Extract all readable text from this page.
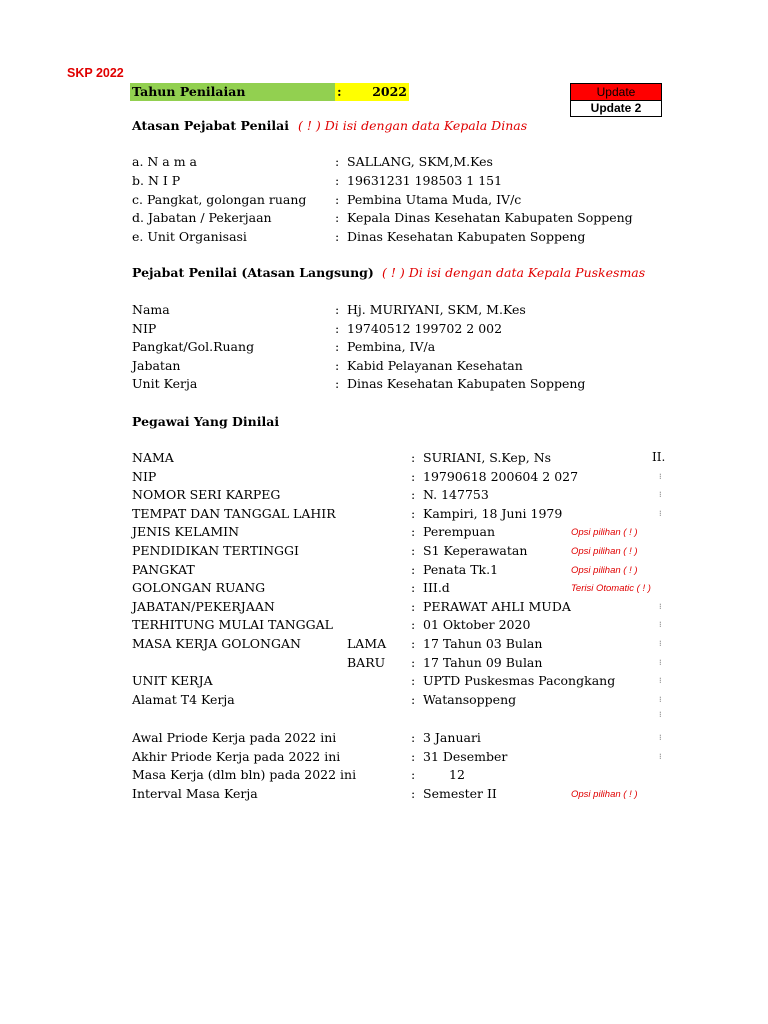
SKP 2022
Tahun Penilaian	: 2022	Update
Update 2
Atasan Pejabat Penilai ( ! ) Di isi dengan data Kepala Dinas
a. N a m a	: SALLANG, SKM,M.Kes
b. N I P	: 19631231 198503 1 151
c. Pangkat, golongan ruang : Pembina Utama Muda, IV/c
d. Jabatan / Pekerjaan	: Kepala Dinas Kesehatan Kabupaten Soppeng
e. Unit Organisasi	: Dinas Kesehatan Kabupaten Soppeng
Pejabat Penilai (Atasan Langsung) ( ! ) Di isi dengan data Kepala Puskesmas
Nama	: Hj. MURIYANI, SKM, M.Kes
NIP	: 19740512 199702 2 002
Pangkat/Gol.Ruang	: Pembina, IV/a
Jabatan	: Kabid Pelayanan Kesehatan
Unit Kerja	: Dinas Kesehatan Kabupaten Soppeng
Pegawai Yang Dinilai
NAMA	: SURIANI, S.Kep, Ns	II.
NIP	: 19790618 200604 2 027	⁝
NOMOR SERI KARPEG	: N. 147753	⁝
TEMPAT DAN TANGGAL LAHIR	: Kampiri, 18 Juni 1979	⁝
JENIS KELAMIN	: Perempuan	Opsi pilihan ( ! )
PENDIDIKAN TERTINGGI	: S1 Keperawatan	Opsi pilihan ( ! )
PANGKAT	: Penata Tk.1	Opsi pilihan ( ! )
GOLONGAN RUANG	: III.d	Terisi Otomatic ( ! )
JABATAN/PEKERJAAN	: PERAWAT AHLI MUDA	⁝
TERHITUNG MULAI TANGGAL	: 01 Oktober 2020	⁝
MASA KERJA GOLONGAN	LAMA : 17 Tahun 03 Bulan	⁝
BARU : 17 Tahun 09 Bulan	⁝
UNIT KERJA	: UPTD Puskesmas Pacongkang	⁝
Alamat T4 Kerja	: Watansoppeng	⁝
Awal Priode Kerja pada 2022 ini	: 3 Januari	⁝
Akhir Priode Kerja pada 2022 ini	: 31 Desember	⁝
Masa Kerja (dlm bln) pada 2022 ini	:	12
Interval Masa Kerja	: Semester II	Opsi pilihan ( ! )
⁝
